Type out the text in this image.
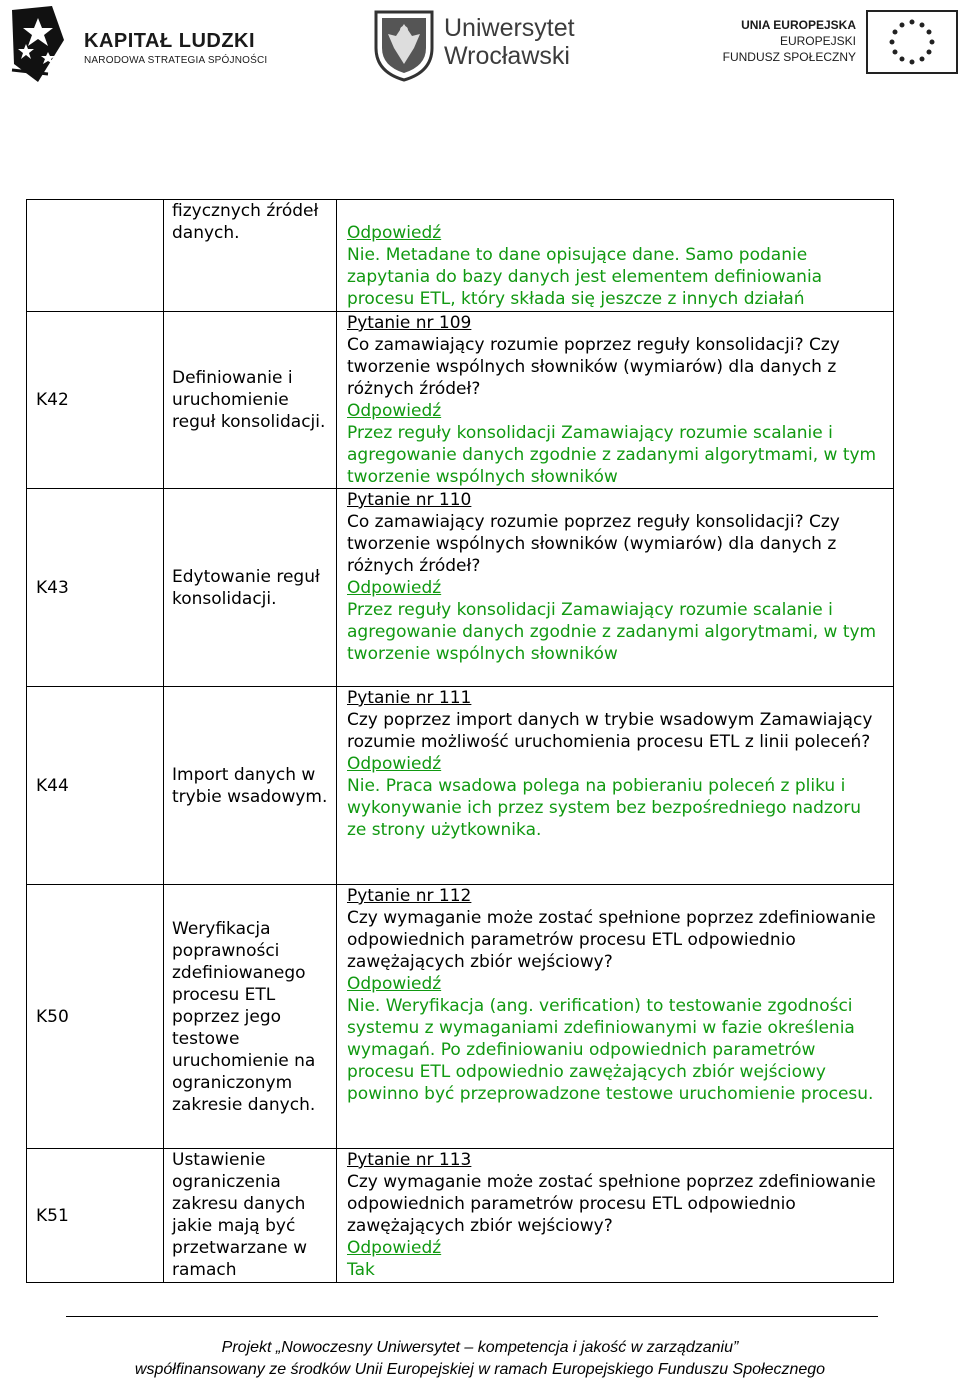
KAPITAŁ LUDZKI
NARODOWA STRATEGIA SPÓJNOŚCI
Uniwersytet
Wrocławski
UNIA EUROPEJSKA
EUROPEJSKI
FUNDUSZ SPOŁECZNY
	fizycznych źródeł danych.	Odpowiedź
Nie. Metadane to dane opisujące dane. Samo podanie zapytania do bazy danych jest elementem definiowania procesu ETL, który składa się jeszcze z innych działań

K42	Definiowanie i uruchomienie reguł konsolidacji.	Pytanie nr 109
Co zamawiający rozumie poprzez reguły konsolidacji? Czy tworzenie wspólnych słowników (wymiarów) dla danych z różnych źródeł?
Odpowiedź
Przez reguły konsolidacji Zamawiający rozumie scalanie i agregowanie danych zgodnie z zadanymi algorytmami, w tym tworzenie wspólnych słowników

K43	Edytowanie reguł konsolidacji.	Pytanie nr 110
Co zamawiający rozumie poprzez reguły konsolidacji? Czy tworzenie wspólnych słowników (wymiarów) dla danych z różnych źródeł?
Odpowiedź
Przez reguły konsolidacji Zamawiający rozumie scalanie i agregowanie danych zgodnie z zadanymi algorytmami, w tym tworzenie wspólnych słowników

K44	Import danych w trybie wsadowym.	Pytanie nr 111
Czy poprzez import danych w trybie wsadowym Zamawiający rozumie możliwość uruchomienia procesu ETL z linii poleceń?
Odpowiedź
Nie. Praca wsadowa polega na pobieraniu poleceń z pliku i wykonywanie ich przez system bez bezpośredniego nadzoru ze strony użytkownika.

K50	Weryfikacja poprawności zdefiniowanego procesu ETL poprzez jego testowe uruchomienie na ograniczonym zakresie danych.	Pytanie nr 112
Czy wymaganie może zostać spełnione poprzez zdefiniowanie odpowiednich parametrów procesu ETL odpowiednio zawężających zbiór wejściowy?
Odpowiedź
Nie. Weryfikacja (ang. verification) to testowanie zgodności systemu z wymaganiami zdefiniowanymi w fazie określenia wymagań. Po zdefiniowaniu odpowiednich parametrów procesu ETL odpowiednio zawężających zbiór wejściowy powinno być przeprowadzone testowe uruchomienie procesu.

K51	Ustawienie ograniczenia zakresu danych jakie mają być przetwarzane w ramach	Pytanie nr 113
Czy wymaganie może zostać spełnione poprzez zdefiniowanie odpowiednich parametrów procesu ETL odpowiednio zawężających zbiór wejściowy?
Odpowiedź
Tak
Projekt „Nowoczesny Uniwersytet – kompetencja i jakość w zarządzaniu”
współfinansowany ze środków Unii Europejskiej w ramach Europejskiego Funduszu Społecznego
